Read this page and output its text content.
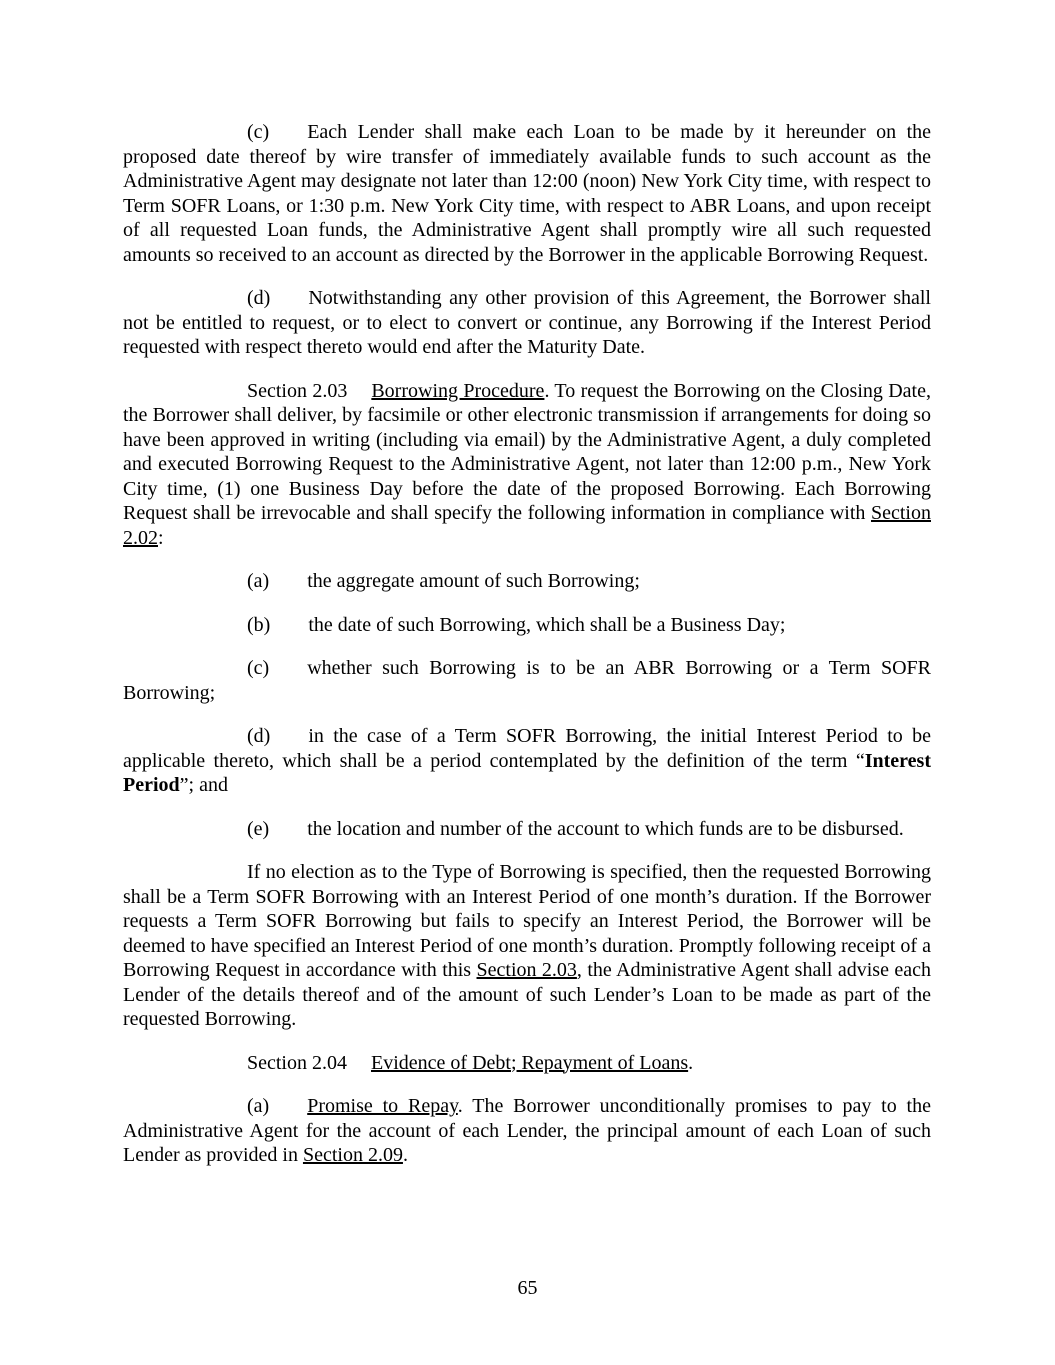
(c) Each Lender shall make each Loan to be made by it hereunder on the proposed date thereof by wire transfer of immediately available funds to such account as the Administrative Agent may designate not later than 12:00 (noon) New York City time, with respect to Term SOFR Loans, or 1:30 p.m. New York City time, with respect to ABR Loans, and upon receipt of all requested Loan funds, the Administrative Agent shall promptly wire all such requested amounts so received to an account as directed by the Borrower in the applicable Borrowing Request.

(d) Notwithstanding any other provision of this Agreement, the Borrower shall not be entitled to request, or to elect to convert or continue, any Borrowing if the Interest Period requested with respect thereto would end after the Maturity Date.

Section 2.03 Borrowing Procedure. To request the Borrowing on the Closing Date, the Borrower shall deliver, by facsimile or other electronic transmission if arrangements for doing so have been approved in writing (including via email) by the Administrative Agent, a duly completed and executed Borrowing Request to the Administrative Agent, not later than 12:00 p.m., New York City time, (1) one Business Day before the date of the proposed Borrowing. Each Borrowing Request shall be irrevocable and shall specify the following information in compliance with Section 2.02:

(a) the aggregate amount of such Borrowing;

(b) the date of such Borrowing, which shall be a Business Day;

(c) whether such Borrowing is to be an ABR Borrowing or a Term SOFR Borrowing;

(d) in the case of a Term SOFR Borrowing, the initial Interest Period to be applicable thereto, which shall be a period contemplated by the definition of the term “Interest Period”; and

(e) the location and number of the account to which funds are to be disbursed.

If no election as to the Type of Borrowing is specified, then the requested Borrowing shall be a Term SOFR Borrowing with an Interest Period of one month’s duration. If the Borrower requests a Term SOFR Borrowing but fails to specify an Interest Period, the Borrower will be deemed to have specified an Interest Period of one month’s duration. Promptly following receipt of a Borrowing Request in accordance with this Section 2.03, the Administrative Agent shall advise each Lender of the details thereof and of the amount of such Lender’s Loan to be made as part of the requested Borrowing.

Section 2.04 Evidence of Debt; Repayment of Loans.

(a) Promise to Repay. The Borrower unconditionally promises to pay to the Administrative Agent for the account of each Lender, the principal amount of each Loan of such Lender as provided in Section 2.09.

65
